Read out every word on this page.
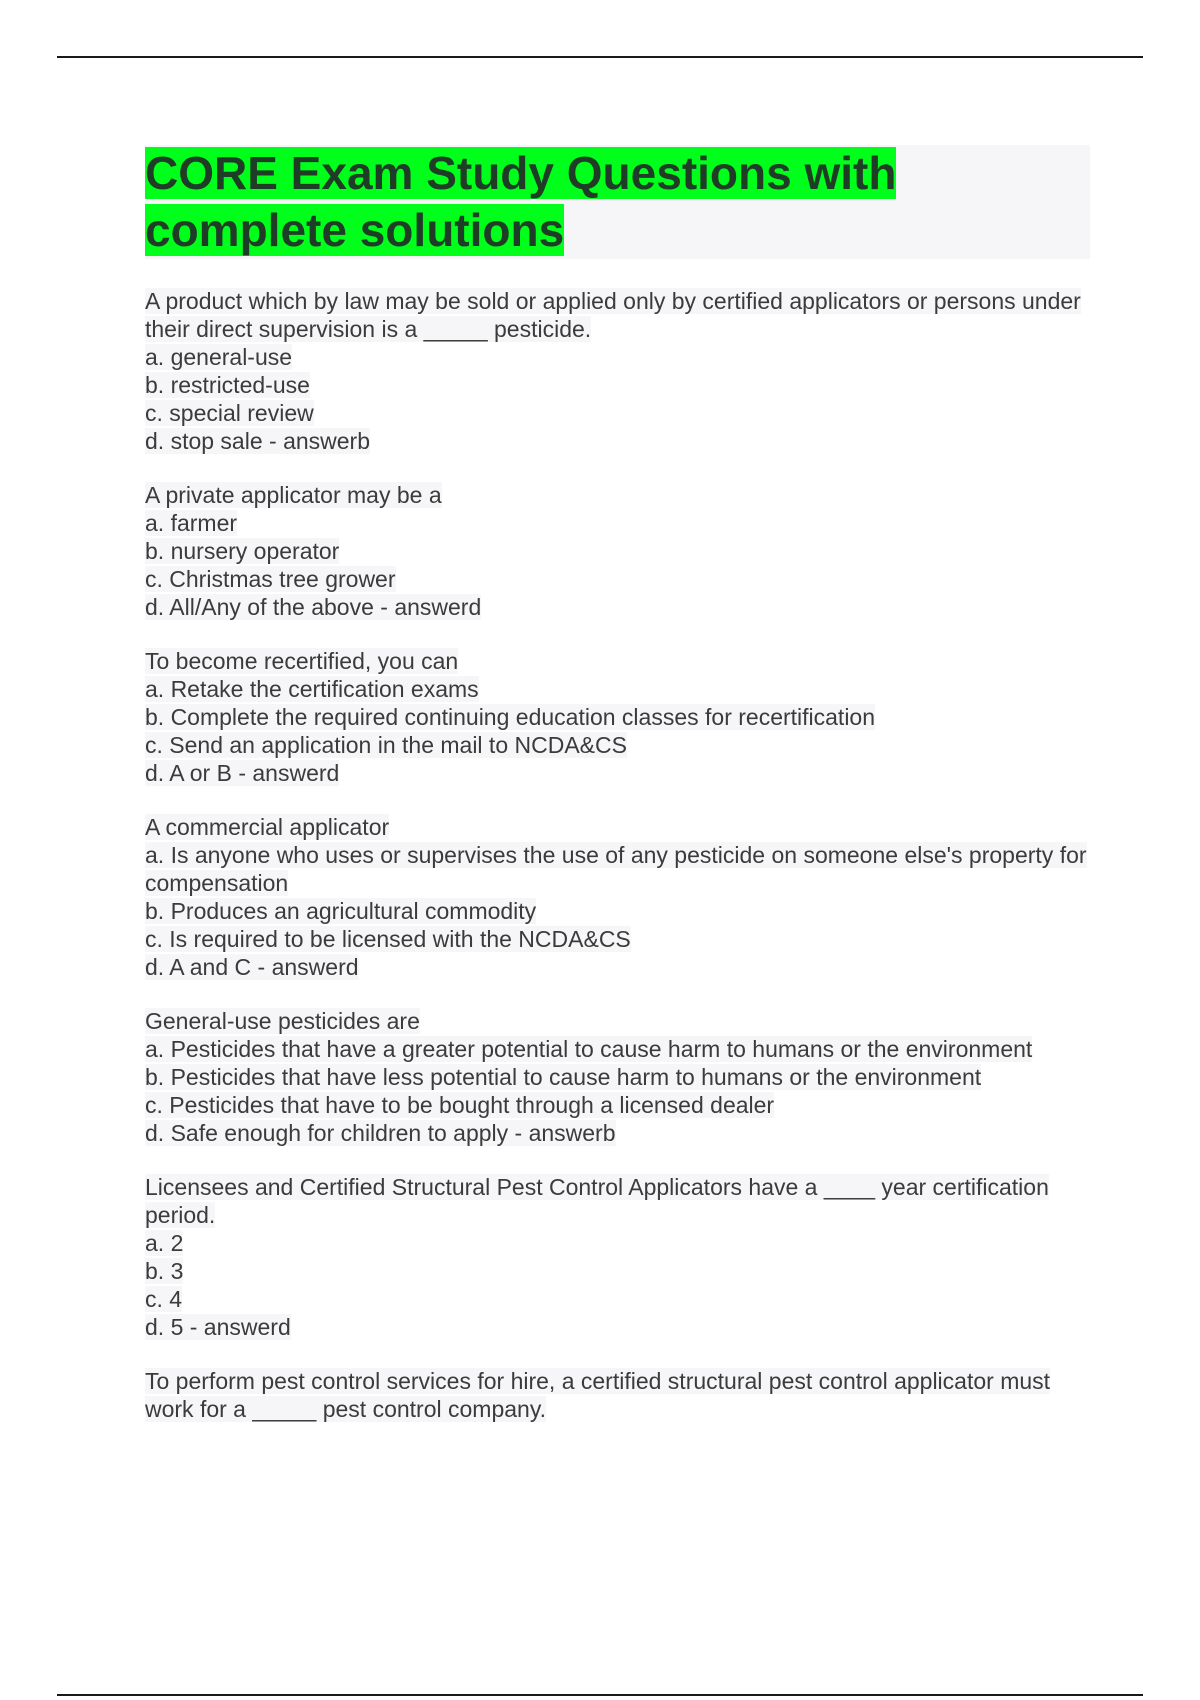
CORE Exam Study Questions with complete solutions
A product which by law may be sold or applied only by certified applicators or persons under their direct supervision is a _____ pesticide.
a. general-use
b. restricted-use
c. special review
d. stop sale - answerb
A private applicator may be a
a. farmer
b. nursery operator
c. Christmas tree grower
d. All/Any of the above - answerd
To become recertified, you can
a. Retake the certification exams
b. Complete the required continuing education classes for recertification
c. Send an application in the mail to NCDA&CS
d. A or B - answerd
A commercial applicator
a. Is anyone who uses or supervises the use of any pesticide on someone else's property for compensation
b. Produces an agricultural commodity
c. Is required to be licensed with the NCDA&CS
d. A and C - answerd
General-use pesticides are
a. Pesticides that have a greater potential to cause harm to humans or the environment
b. Pesticides that have less potential to cause harm to humans or the environment
c. Pesticides that have to be bought through a licensed dealer
d. Safe enough for children to apply - answerb
Licensees and Certified Structural Pest Control Applicators have a ____ year certification period.
a. 2
b. 3
c. 4
d. 5 - answerd
To perform pest control services for hire, a certified structural pest control applicator must work for a _____ pest control company.
